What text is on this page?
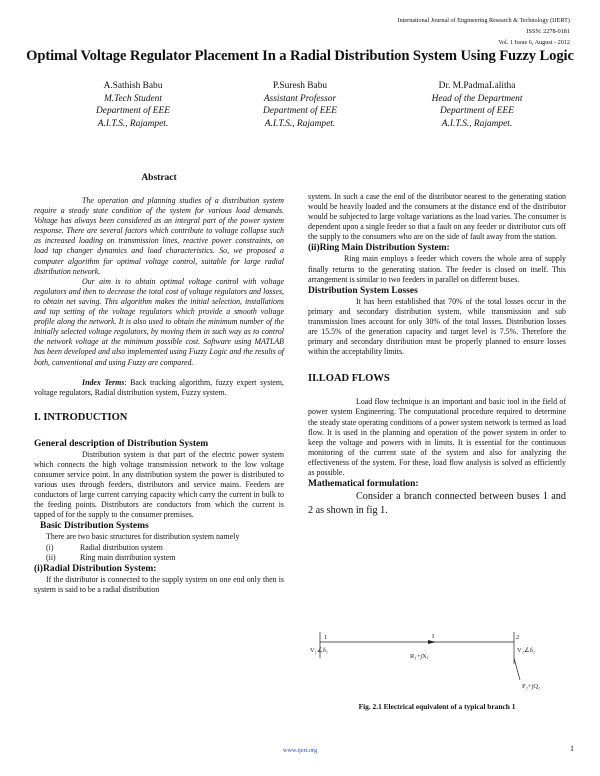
International Journal of Engineering Research & Technology (IJERT)
ISSN: 2278-0181
Vol. 1 Issue 6, August - 2012
Optimal Voltage Regulator Placement In a Radial Distribution System Using Fuzzy Logic
A.Sathish Babu
M.Tech Student
Department of EEE
A.I.T.S., Rajampet.
P.Suresh Babu
Assistant Professor
Department of EEE
A.I.T.S., Rajampet.
Dr. M.PadmaLalitha
Head of the Department
Department of EEE
A.I.T.S., Rajampet.
Abstract

The operation and planning studies of a distribution system require a steady state condition of the system for various load demands. Voltage has always been considered as an integral part of the power system response. There are several factors which contribute to voltage collapse such as increased loading on transmission lines, reactive power constraints, on load tap changer dynamics and load characteristics. So, we proposed a computer algorithm for optimal voltage control, suitable for large radial distribution network.

Our aim is to obtain optimal voltage control with voltage regulators and then to decrease the total cost of voltage regulators and losses, to obtain net saving. This algorithm makes the initial selection, installations and tap setting of the voltage regulators which provide a smooth voltage profile along the network. It is also used to obtain the minimum number of the initially selected voltage regulators, by moving them in such way as to control the network voltage at the minimum possible cost. Software using MATLAB has been developed and also implemented using Fuzzy Logic and the results of both, conventional and using Fuzzy are compared.

Index Terms: Back tracking algorithm, fuzzy expert system, voltage regulators, Radial distribution system, Fuzzy system.

I. INTRODUCTION
General description of Distribution System

Distribution system is that part of the electric power system which connects the high voltage transmission network to the low voltage consumer service point. In any distribution system the power is distributed to various uses through feeders, distributors and service mains. Feeders are conductors of large current carrying capacity which carry the current in bulk to the feeding points. Distributors are conductors from which the current is tapped of for the supply to the consumer premises.

Basic Distribution Systems

There are two basic structures for distribution system namely

(i)	Radial distribution system
(ii)	Ring main distribution system
(i)Radial Distribution System:

If the distributor is connected to the supply system on one end only then is system is said to be a radial distribution

system. In such a case the end of the distributor nearest to the generating station would be heavily loaded and the consumers at the distance end of the distributor would be subjected to large voltage variations as the load varies. The consumer is dependent upon a single feeder so that a fault on any feeder or distributor cuts off the supply to the consumers who are on the side of fault away from the station.

(ii)Ring Main Distribution System:

Ring main employs a feeder which covers the whole area of supply finally returns to the generating station. The feeder is closed on itself. This arrangement is similar to two feeders in parallel on different buses.

Distribution System Losses

It has been established that 70% of the total losses occur in the primary and secondary distribution system, while transmission and sub transmission lines account for only 30% of the total losses. Distribution losses are 15.5% of the generation capacity and target level is 7.5%. Therefore the primary and secondary distribution must be properly planned to ensure losses within the acceptability limits.

II.LOAD FLOWS

Load flow technique is an important and basic tool in the field of power system Engineering. The computational procedure required to determine the steady state operating conditions of a power system network is termed as load flow. It is used in the planning and operation of the power system in order to keep the voltage and powers with in limits. It is essential for the continuous monitoring of the current state of the system and also for analyzing the effectiveness of the system. For these, load flow analysis is solved as efficiently as possible.

Mathematical formulation:

Consider a branch connected between buses 1 and 2 as shown in fig 1.

1	2
V₁∠δ₁	V₂∠δ₂
I
R₁+jX₁
P₂+jQ₂
Fig. 2.1 Electrical equivalent of a typical branch 1
www.ijert.org	1
